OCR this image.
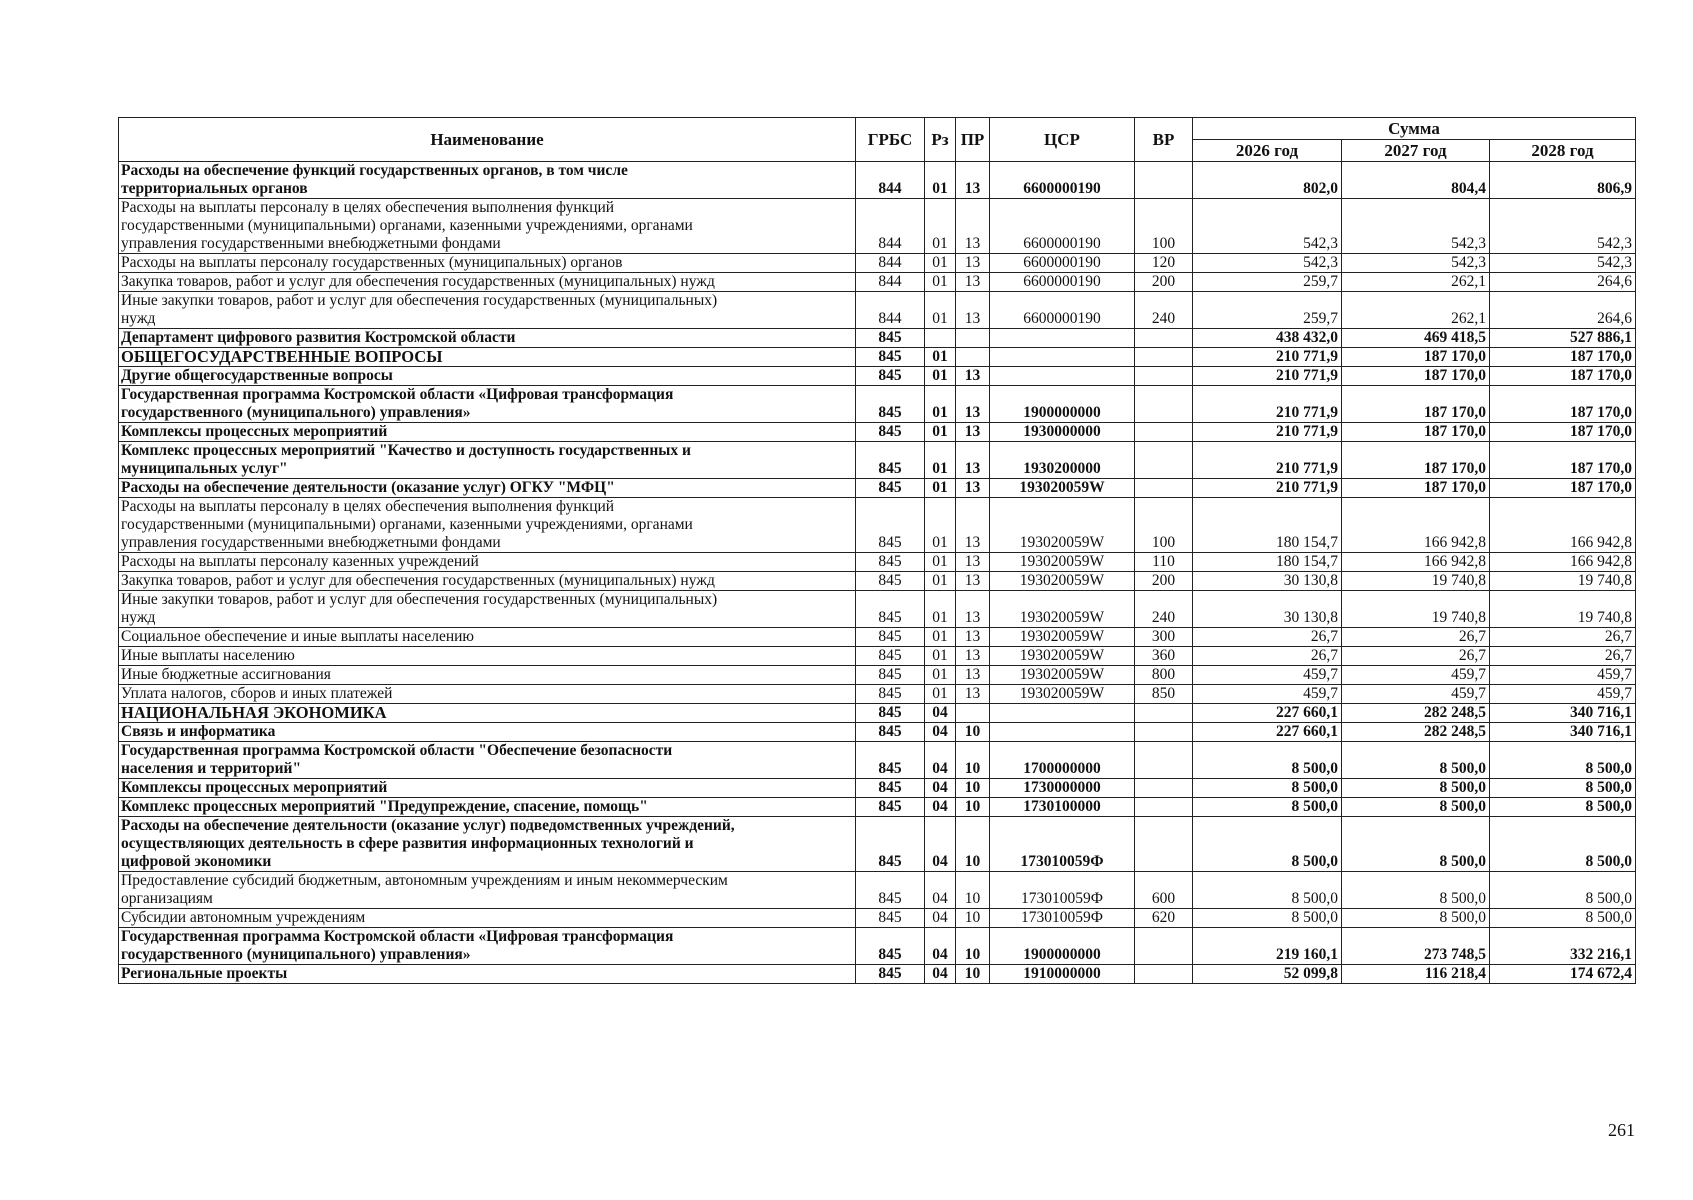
Наименование	ГРБС	Рз	ПР	ЦСР	ВР	Сумма		
						2026 год	2027 год	2028 год
Расходы на обеспечение функций государственных органов, в том числе
территориальных органов	844	01	13	6600000190		802,0	804,4	806,9
Расходы на выплаты персоналу в целях обеспечения выполнения функций
государственными (муниципальными) органами, казенными учреждениями, органами
управления государственными внебюджетными фондами	844	01	13	6600000190	100	542,3	542,3	542,3
Расходы на выплаты персоналу государственных (муниципальных) органов	844	01	13	6600000190	120	542,3	542,3	542,3
Закупка товаров, работ и услуг для обеспечения государственных (муниципальных) нужд	844	01	13	6600000190	200	259,7	262,1	264,6
Иные закупки товаров, работ и услуг для обеспечения государственных (муниципальных)
нужд	844	01	13	6600000190	240	259,7	262,1	264,6
Департамент цифрового развития Костромской области	845					438 432,0	469 418,5	527 886,1
ОБЩЕГОСУДАРСТВЕННЫЕ ВОПРОСЫ	845	01				210 771,9	187 170,0	187 170,0
Другие общегосударственные вопросы	845	01	13			210 771,9	187 170,0	187 170,0
Государственная программа Костромской области «Цифровая трансформация
государственного (муниципального) управления»	845	01	13	1900000000		210 771,9	187 170,0	187 170,0
Комплексы процессных мероприятий	845	01	13	1930000000		210 771,9	187 170,0	187 170,0
Комплекс процессных мероприятий "Качество и доступность государственных и
муниципальных услуг"	845	01	13	1930200000		210 771,9	187 170,0	187 170,0
Расходы на обеспечение деятельности (оказание услуг) ОГКУ "МФЦ"	845	01	13	193020059W		210 771,9	187 170,0	187 170,0
Расходы на выплаты персоналу в целях обеспечения выполнения функций
государственными (муниципальными) органами, казенными учреждениями, органами
управления государственными внебюджетными фондами	845	01	13	193020059W	100	180 154,7	166 942,8	166 942,8
Расходы на выплаты персоналу казенных учреждений	845	01	13	193020059W	110	180 154,7	166 942,8	166 942,8
Закупка товаров, работ и услуг для обеспечения государственных (муниципальных) нужд	845	01	13	193020059W	200	30 130,8	19 740,8	19 740,8
Иные закупки товаров, работ и услуг для обеспечения государственных (муниципальных)
нужд	845	01	13	193020059W	240	30 130,8	19 740,8	19 740,8
Социальное обеспечение и иные выплаты населению	845	01	13	193020059W	300	26,7	26,7	26,7
Иные выплаты населению	845	01	13	193020059W	360	26,7	26,7	26,7
Иные бюджетные ассигнования	845	01	13	193020059W	800	459,7	459,7	459,7
Уплата налогов, сборов и иных платежей	845	01	13	193020059W	850	459,7	459,7	459,7
НАЦИОНАЛЬНАЯ ЭКОНОМИКА	845	04				227 660,1	282 248,5	340 716,1
Связь и информатика	845	04	10			227 660,1	282 248,5	340 716,1
Государственная программа Костромской области "Обеспечение безопасности
населения и территорий"	845	04	10	1700000000		8 500,0	8 500,0	8 500,0
Комплексы процессных мероприятий	845	04	10	1730000000		8 500,0	8 500,0	8 500,0
Комплекс процессных мероприятий "Предупреждение, спасение, помощь"	845	04	10	1730100000		8 500,0	8 500,0	8 500,0
Расходы на обеспечение деятельности (оказание услуг) подведомственных учреждений,
осуществляющих деятельность в сфере развития информационных технологий и
цифровой экономики	845	04	10	173010059Ф		8 500,0	8 500,0	8 500,0
Предоставление субсидий бюджетным, автономным учреждениям и иным некоммерческим
организациям	845	04	10	173010059Ф	600	8 500,0	8 500,0	8 500,0
Субсидии автономным учреждениям	845	04	10	173010059Ф	620	8 500,0	8 500,0	8 500,0
Государственная программа Костромской области «Цифровая трансформация
государственного (муниципального) управления»	845	04	10	1900000000		219 160,1	273 748,5	332 216,1
Региональные проекты	845	04	10	1910000000		52 099,8	116 218,4	174 672,4
261
